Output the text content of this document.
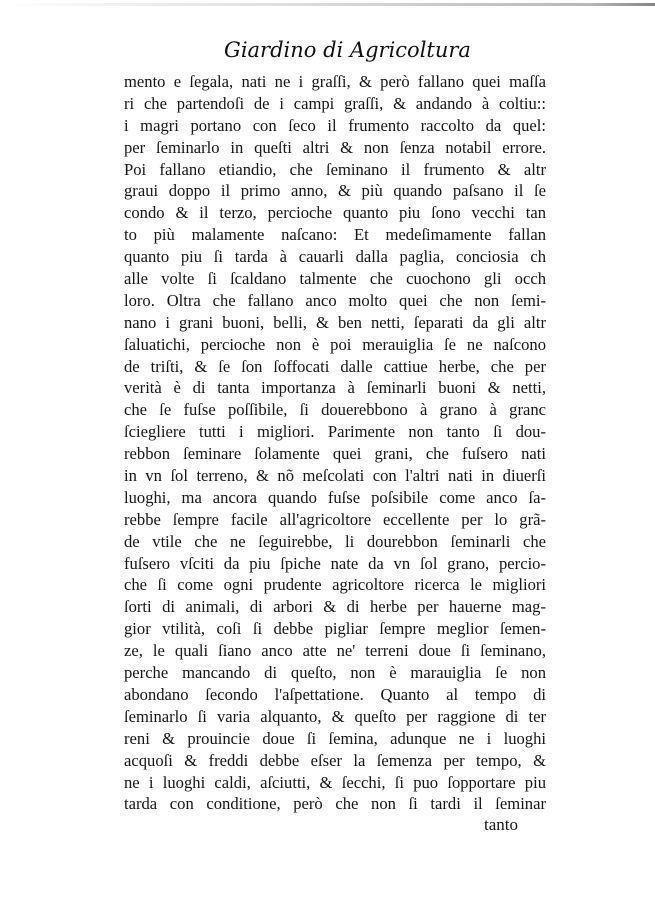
Giardino di Agricoltura
mento e ſegala, nati ne i graſſi, & però fallano quei maſſa
ri che partendoſi de i campi graſſi, & andando à coltiu::
i magri portano con ſeco il frumento raccolto da quel:
per ſeminarlo in queſti altri & non ſenza notabil errore.
Poi fallano etiandio, che ſeminano il frumento & altr
graui doppo il primo anno, & più quando paſsano il ſe
condo & il terzo, percioche quanto piu ſono vecchi tan
to più malamente naſcano: Et medeſimamente fallan
quanto piu ſi tarda à cauarli dalla paglia, conciosia ch
alle volte ſi ſcaldano talmente che cuochono gli occh
loro. Oltra che fallano anco molto quei che non ſemi-
nano i grani buoni, belli, & ben netti, ſeparati da gli altr
ſaluatichi, percioche non è poi merauiglia ſe ne naſcono
de triſti, & ſe ſon ſoffocati dalle cattiue herbe, che per
verità è di tanta importanza à ſeminarli buoni & netti,
che ſe fuſse poſſibile, ſi douerebbono à grano à granc
ſciegliere tutti i migliori. Parimente non tanto ſi dou-
rebbon ſeminare ſolamente quei grani, che fuſsero nati
in vn ſol terreno, & nõ meſcolati con l'altri nati in diuerſi
luoghi, ma ancora quando fuſse poſsibile come anco ſa-
rebbe ſempre facile all'agricoltore eccellente per lo grã-
de vtile che ne ſeguirebbe, li dourebbon ſeminarli che
fuſsero vſciti da piu ſpiche nate da vn ſol grano, percio-
che ſi come ogni prudente agricoltore ricerca le migliori
ſorti di animali, di arbori & di herbe per hauerne mag-
gior vtilità, coſi ſi debbe pigliar ſempre meglior ſemen-
ze, le quali ſiano anco atte ne' terreni doue ſi ſeminano,
perche mancando di queſto, non è marauiglia ſe non
abondano ſecondo l'aſpettatione. Quanto al tempo di
ſeminarlo ſi varia alquanto, & queſto per raggione di ter
reni & prouincie doue ſi ſemina, adunque ne i luoghi
acquoſi & freddi debbe eſser la ſemenza per tempo, &
ne i luoghi caldi, aſciutti, & ſecchi, ſi puo ſopportare piu
tarda con conditione, però che non ſi tardi il ſeminar
tanto
